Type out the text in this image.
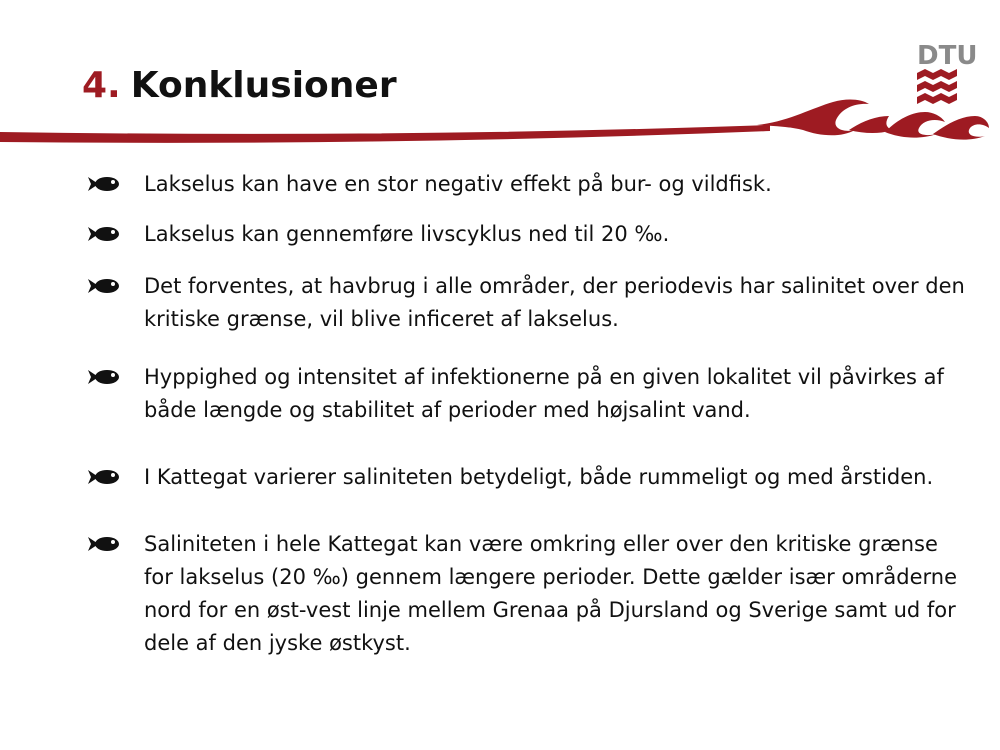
4. Konklusioner
DTU
Lakselus kan have en stor negativ effekt på bur- og vildfisk.
Lakselus kan gennemføre livscyklus ned til 20 ‰.
Det forventes, at havbrug i alle områder, der periodevis har salinitet over den kritiske grænse, vil blive inficeret af lakselus.
Hyppighed og intensitet af infektionerne på en given lokalitet vil påvirkes af både længde og stabilitet af perioder med højsalint vand.
I Kattegat varierer saliniteten betydeligt, både rummeligt og med årstiden.
Saliniteten i hele Kattegat kan være omkring eller over den kritiske grænse for lakselus (20 ‰) gennem længere perioder. Dette gælder især områderne nord for en øst-vest linje mellem Grenaa på Djursland og Sverige samt ud for dele af den jyske østkyst.
